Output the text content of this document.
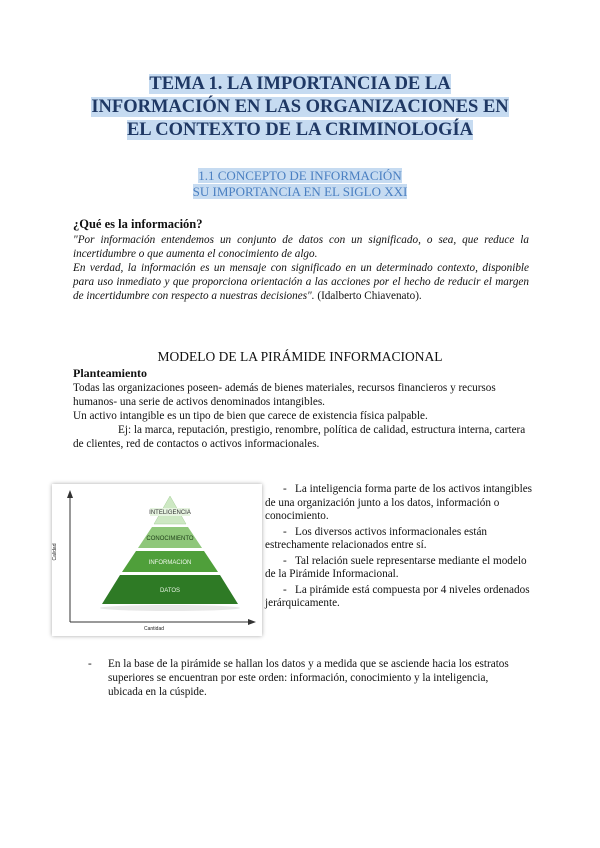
TEMA 1. LA IMPORTANCIA DE LA
INFORMACIÓN EN LAS ORGANIZACIONES EN
EL CONTEXTO DE LA CRIMINOLOGÍA
1.1 CONCEPTO DE INFORMACIÓN
SU IMPORTANCIA EN EL SIGLO XXI
¿Qué es la información?

"Por información entendemos un conjunto de datos con un significado, o sea, que reduce la incertidumbre o que aumenta el conocimiento de algo.

En verdad, la información es un mensaje con significado en un determinado contexto, disponible para uso inmediato y que proporciona orientación a las acciones por el hecho de reducir el margen de incertidumbre con respecto a nuestras decisiones". (Idalberto Chiavenato).

MODELO DE LA PIRÁMIDE INFORMACIONAL
Planteamiento

Todas las organizaciones poseen- además de bienes materiales, recursos financieros y recursos humanos- una serie de activos denominados intangibles.

Un activo intangible es un tipo de bien que carece de existencia física palpable.

Ej: la marca, reputación, prestigio, renombre, política de calidad, estructura interna, cartera de clientes, red de contactos o activos informacionales.

Calidad
Cantidad
INTELIGENCIA
CONOCIMIENTO
INFORMACION
DATOS
- La inteligencia forma parte de los activos intangibles de una organización junto a los datos, información o conocimiento.
- Los diversos activos informacionales están estrechamente relacionados entre sí.
- Tal relación suele representarse mediante el modelo de la Pirámide Informacional.
- La pirámide está compuesta por 4 niveles ordenados jerárquicamente.
- En la base de la pirámide se hallan los datos y a medida que se asciende hacia los estratos superiores se encuentran por este orden: información, conocimiento y la inteligencia, ubicada en la cúspide.
